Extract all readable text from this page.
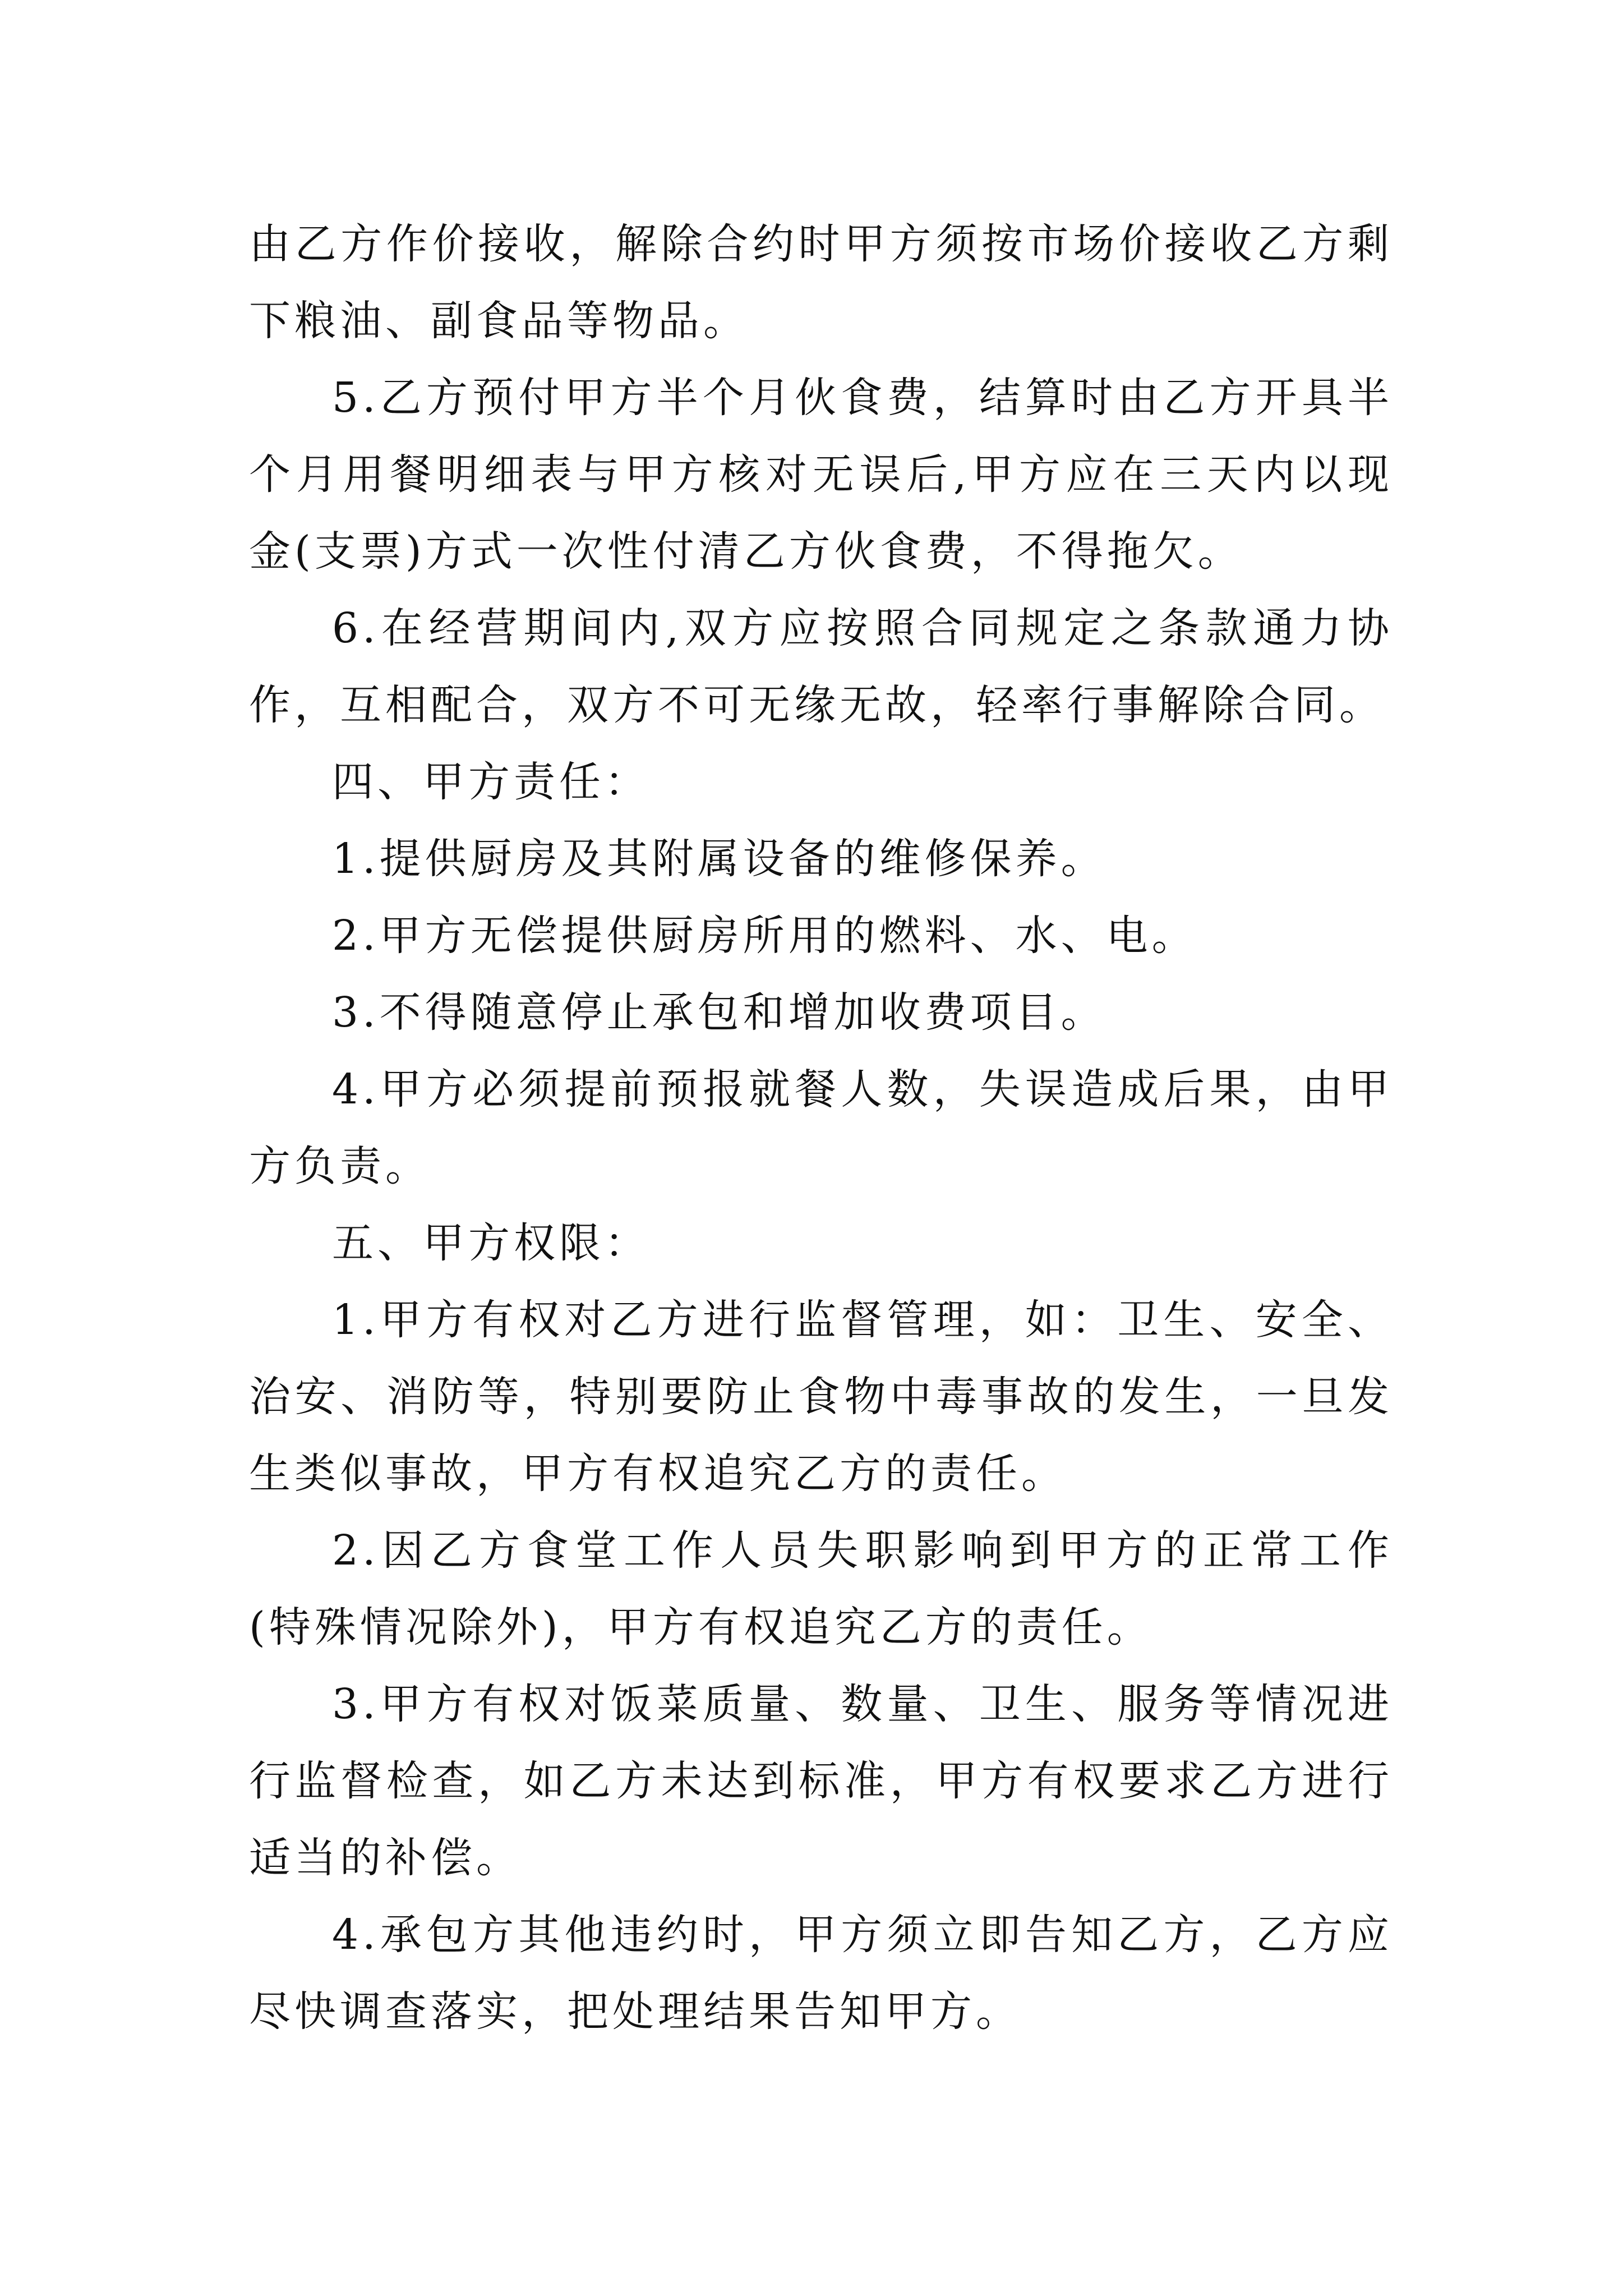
由乙方作价接收，解除合约时甲方须按市场价接收乙方剩下粮油、副食品等物品。

5.乙方预付甲方半个月伙食费，结算时由乙方开具半个月用餐明细表与甲方核对无误后,甲方应在三天内以现金(支票)方式一次性付清乙方伙食费，不得拖欠。

6.在经营期间内,双方应按照合同规定之条款通力协作，互相配合，双方不可无缘无故，轻率行事解除合同。

四、甲方责任：

1.提供厨房及其附属设备的维修保养。

2.甲方无偿提供厨房所用的燃料、水、电。

3.不得随意停止承包和增加收费项目。

4.甲方必须提前预报就餐人数，失误造成后果，由甲方负责。

五、甲方权限：

1.甲方有权对乙方进行监督管理，如：卫生、安全、治安、消防等，特别要防止食物中毒事故的发生，一旦发生类似事故，甲方有权追究乙方的责任。

2.因乙方食堂工作人员失职影响到甲方的正常工作(特殊情况除外)，甲方有权追究乙方的责任。

3.甲方有权对饭菜质量、数量、卫生、服务等情况进行监督检查，如乙方未达到标准，甲方有权要求乙方进行适当的补偿。

4.承包方其他违约时，甲方须立即告知乙方，乙方应尽快调查落实，把处理结果告知甲方。
